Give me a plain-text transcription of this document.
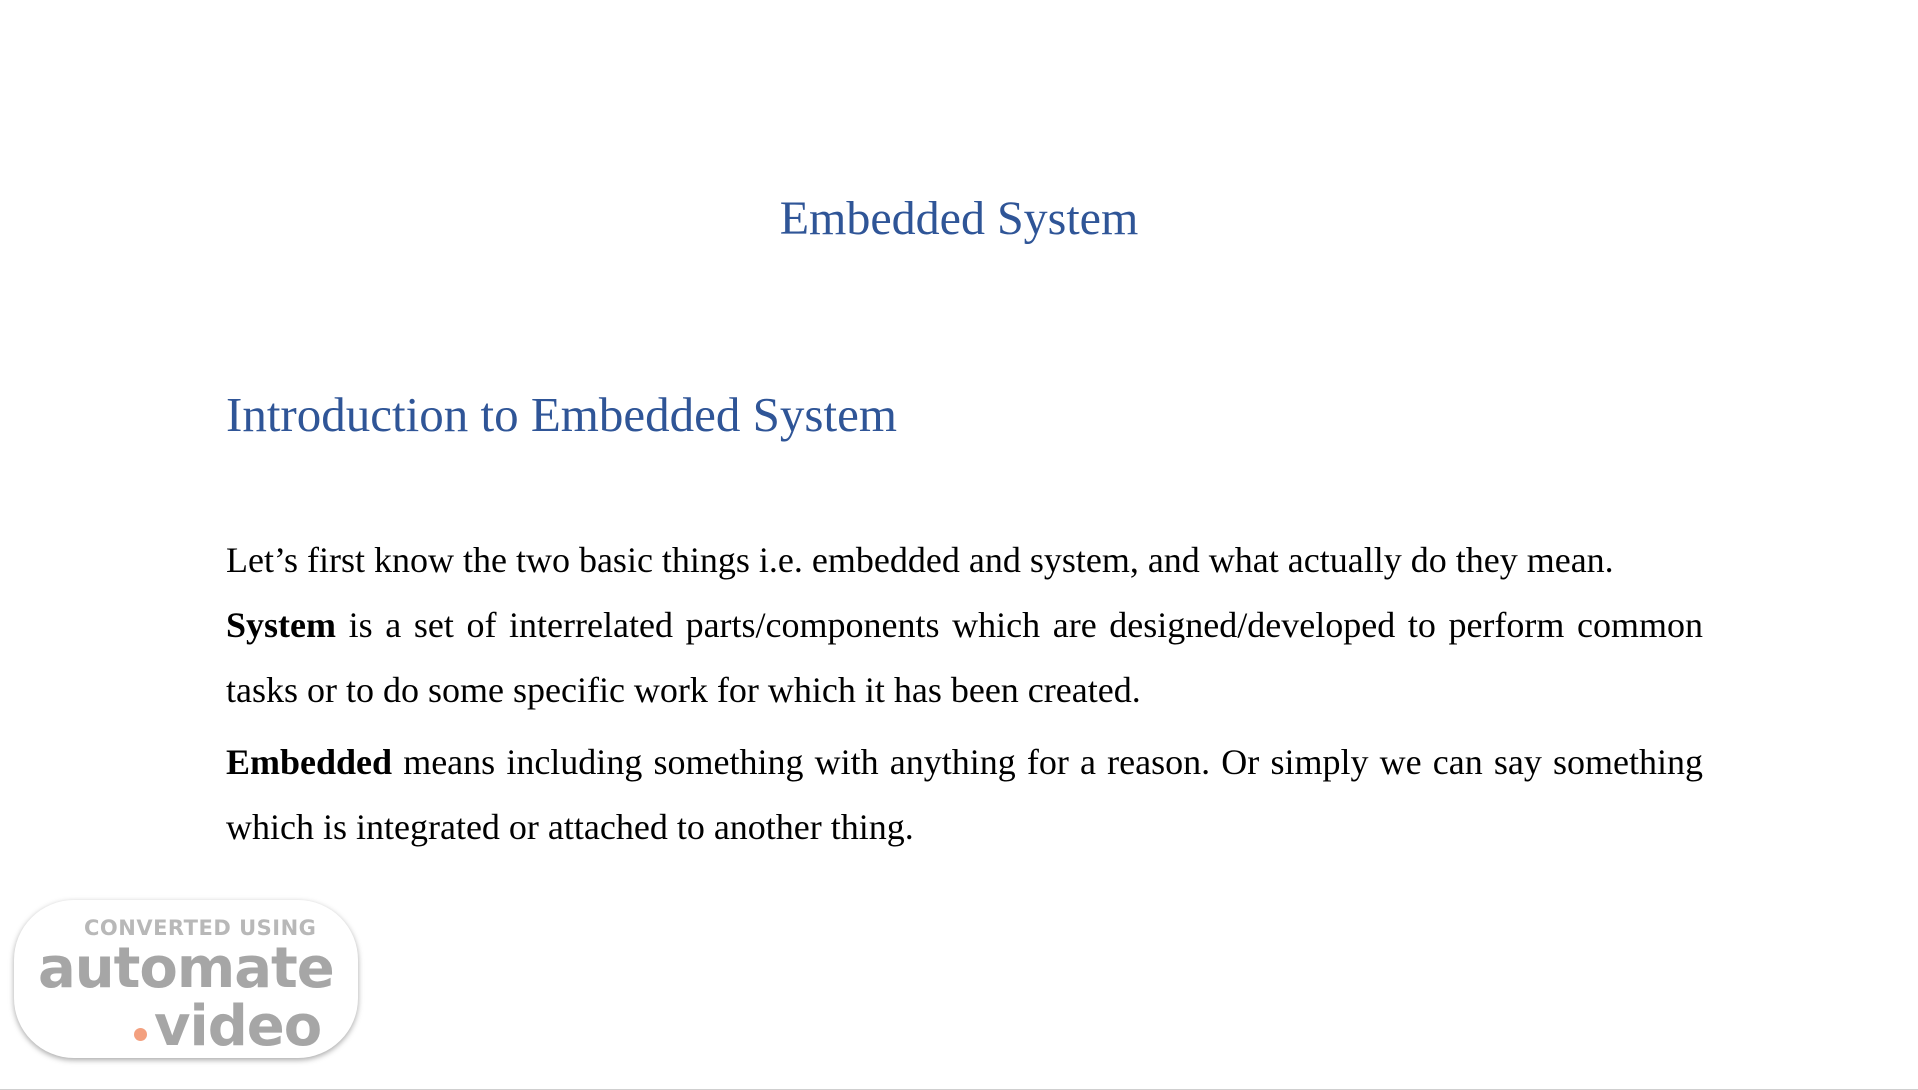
Embedded System
Introduction to Embedded System

Let’s first know the two basic things i.e. embedded and system, and what actually do they mean.
System is a set of interrelated parts/components which are designed/developed to perform common tasks or to do some specific work for which it has been created.

Embedded means including something with anything for a reason. Or simply we can say something which is integrated or attached to another thing.

CONVERTED USING
automate
video
